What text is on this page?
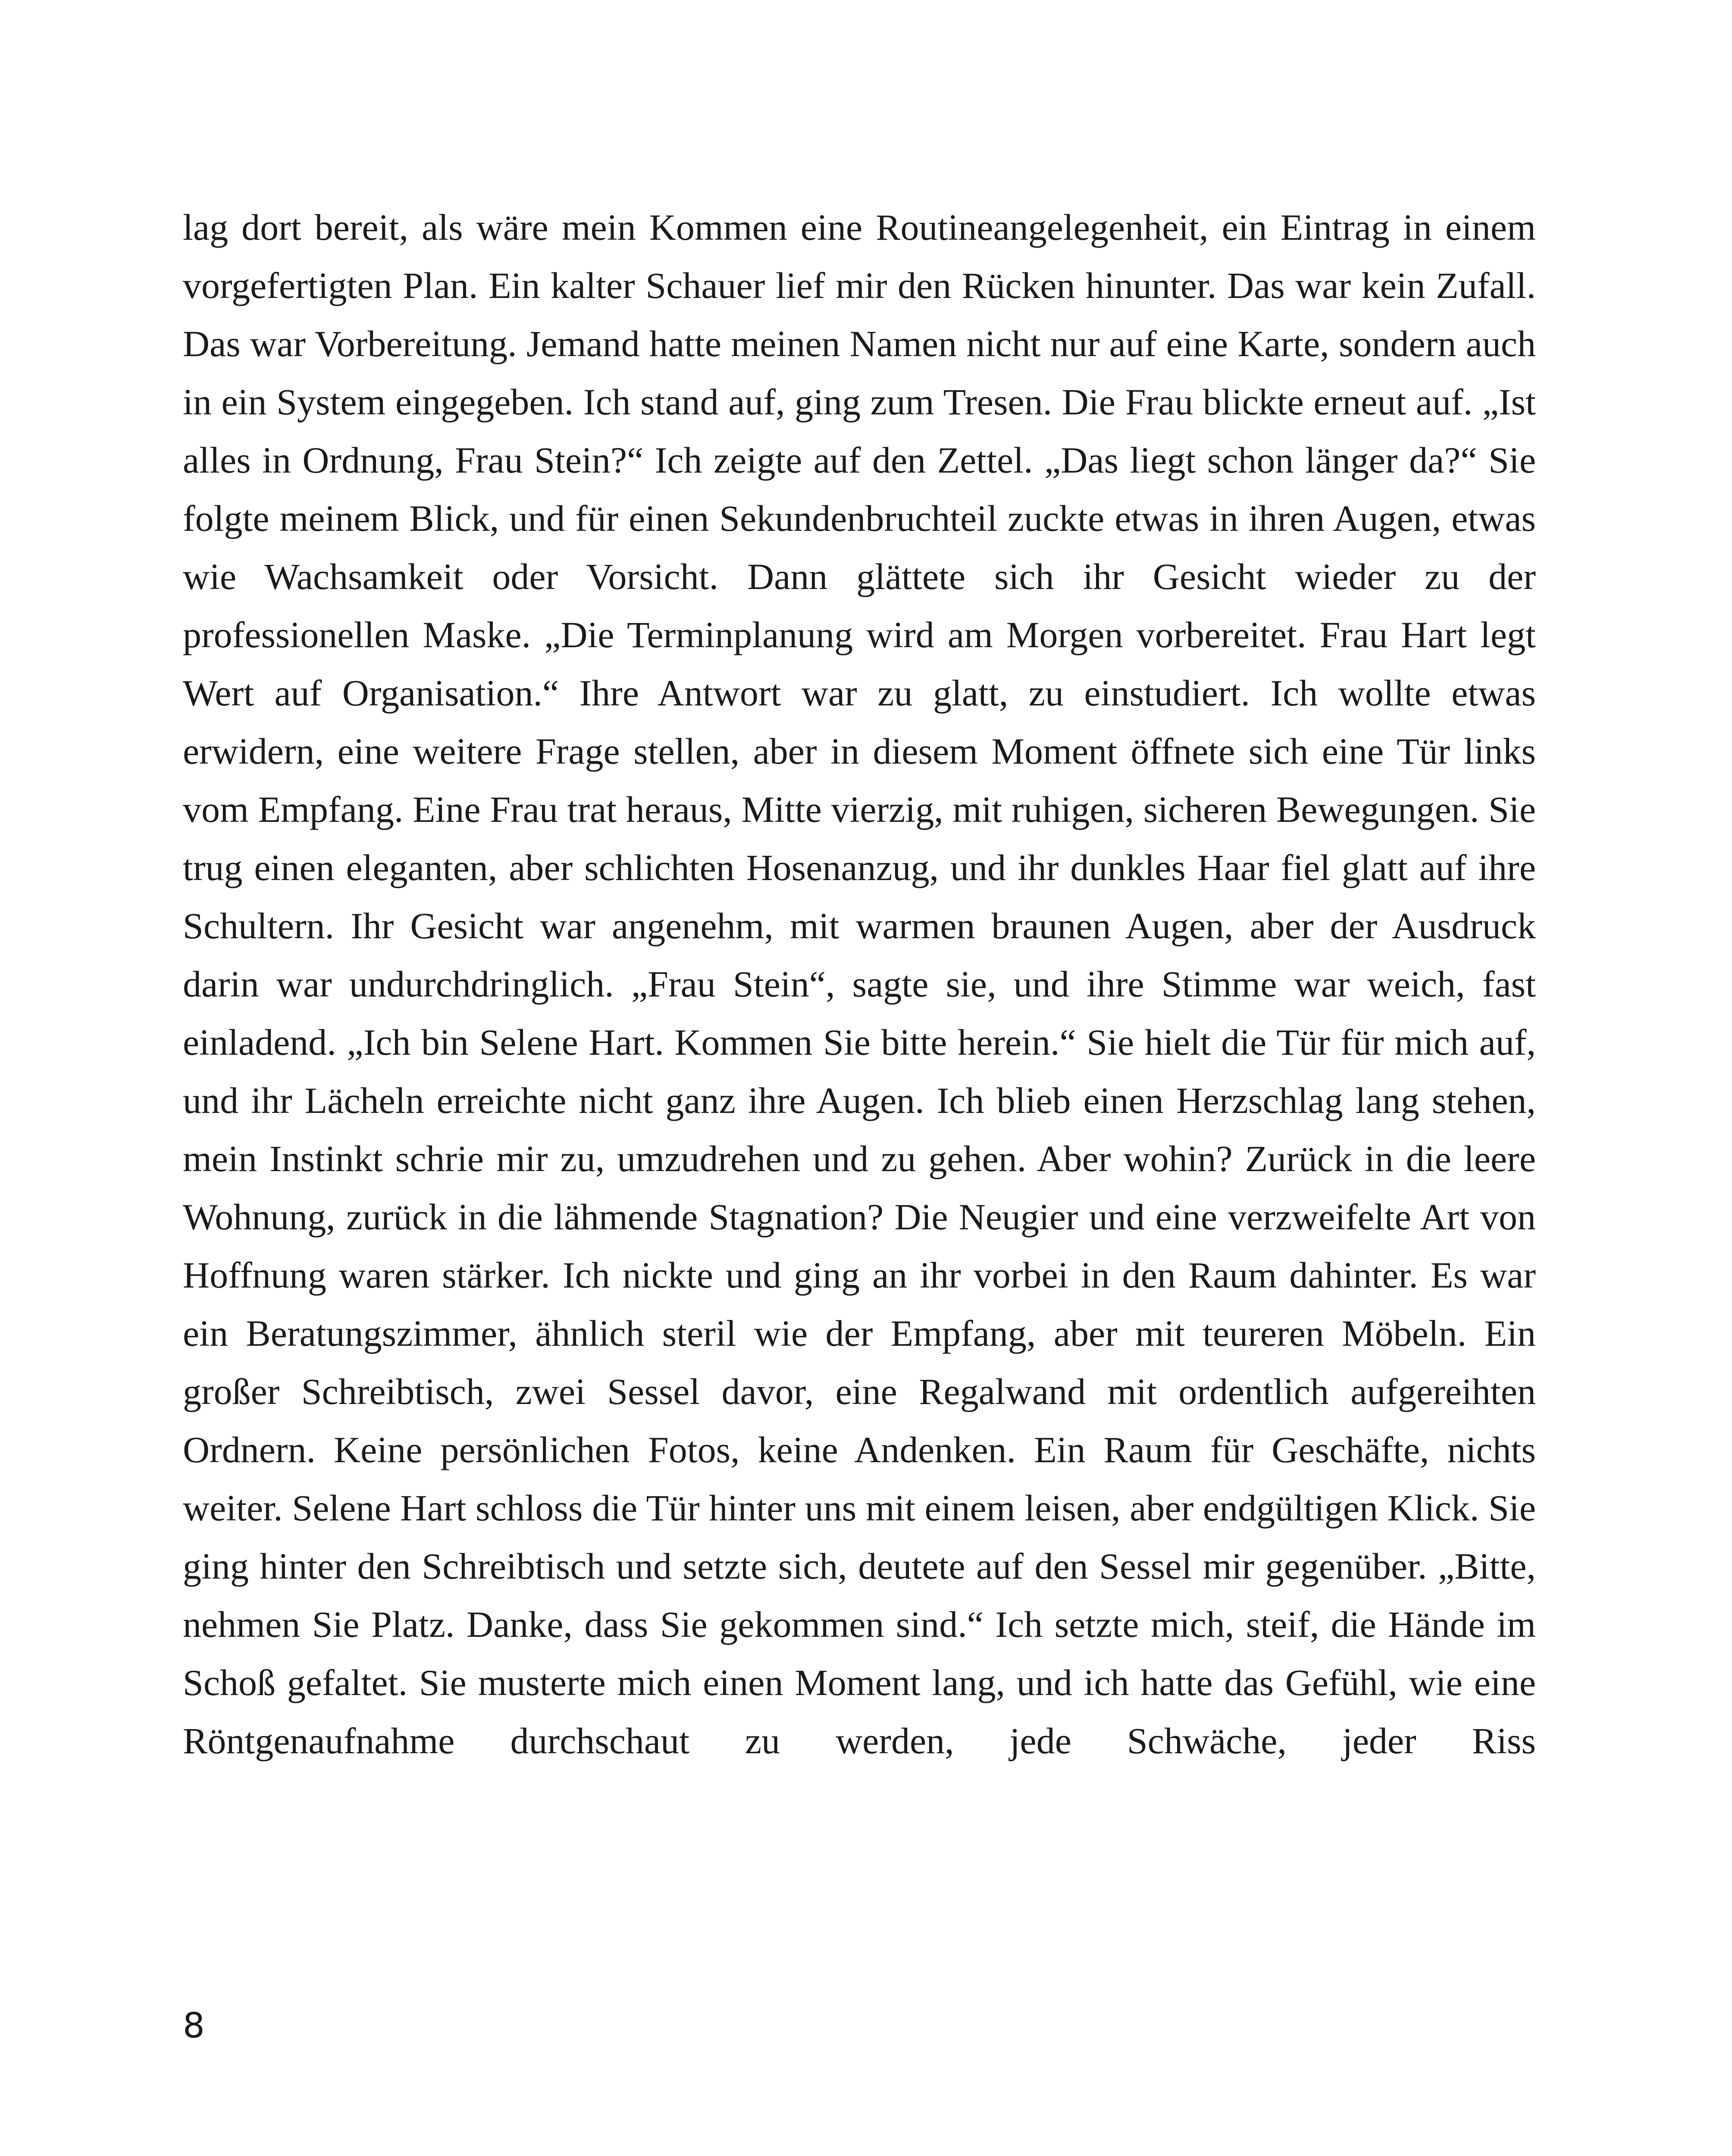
lag dort bereit, als wäre mein Kommen eine Routineangelegenheit, ein Eintrag in einem vorgefertigten Plan. Ein kalter Schauer lief mir den Rücken hinunter. Das war kein Zufall. Das war Vorbereitung. Jemand hatte meinen Namen nicht nur auf eine Karte, sondern auch in ein System eingegeben. Ich stand auf, ging zum Tresen. Die Frau blickte erneut auf. „Ist alles in Ordnung, Frau Stein?“ Ich zeigte auf den Zettel. „Das liegt schon länger da?“ Sie folgte meinem Blick, und für einen Sekundenbruchteil zuckte etwas in ihren Augen, etwas wie Wachsamkeit oder Vorsicht. Dann glättete sich ihr Gesicht wieder zu der professionellen Maske. „Die Terminplanung wird am Morgen vorbereitet. Frau Hart legt Wert auf Organisation.“ Ihre Antwort war zu glatt, zu einstudiert. Ich wollte etwas erwidern, eine weitere Frage stellen, aber in diesem Moment öffnete sich eine Tür links vom Empfang. Eine Frau trat heraus, Mitte vierzig, mit ruhigen, sicheren Bewegungen. Sie trug einen eleganten, aber schlichten Hosenanzug, und ihr dunkles Haar fiel glatt auf ihre Schultern. Ihr Gesicht war angenehm, mit warmen braunen Augen, aber der Ausdruck darin war undurchdringlich. „Frau Stein“, sagte sie, und ihre Stimme war weich, fast einladend. „Ich bin Selene Hart. Kommen Sie bitte herein.“ Sie hielt die Tür für mich auf, und ihr Lächeln erreichte nicht ganz ihre Augen. Ich blieb einen Herzschlag lang stehen, mein Instinkt schrie mir zu, umzudrehen und zu gehen. Aber wohin? Zurück in die leere Wohnung, zurück in die lähmende Stagnation? Die Neugier und eine verzweifelte Art von Hoffnung waren stärker. Ich nickte und ging an ihr vorbei in den Raum dahinter. Es war ein Beratungszimmer, ähnlich steril wie der Empfang, aber mit teureren Möbeln. Ein großer Schreibtisch, zwei Sessel davor, eine Regalwand mit ordentlich aufgereihten Ordnern. Keine persönlichen Fotos, keine Andenken. Ein Raum für Geschäfte, nichts weiter. Selene Hart schloss die Tür hinter uns mit einem leisen, aber endgültigen Klick. Sie ging hinter den Schreibtisch und setzte sich, deutete auf den Sessel mir gegenüber. „Bitte, nehmen Sie Platz. Danke, dass Sie gekommen sind.“ Ich setzte mich, steif, die Hände im Schoß gefaltet. Sie musterte mich einen Moment lang, und ich hatte das Gefühl, wie eine Röntgenaufnahme durchschaut zu werden, jede Schwäche, jeder Riss

8
